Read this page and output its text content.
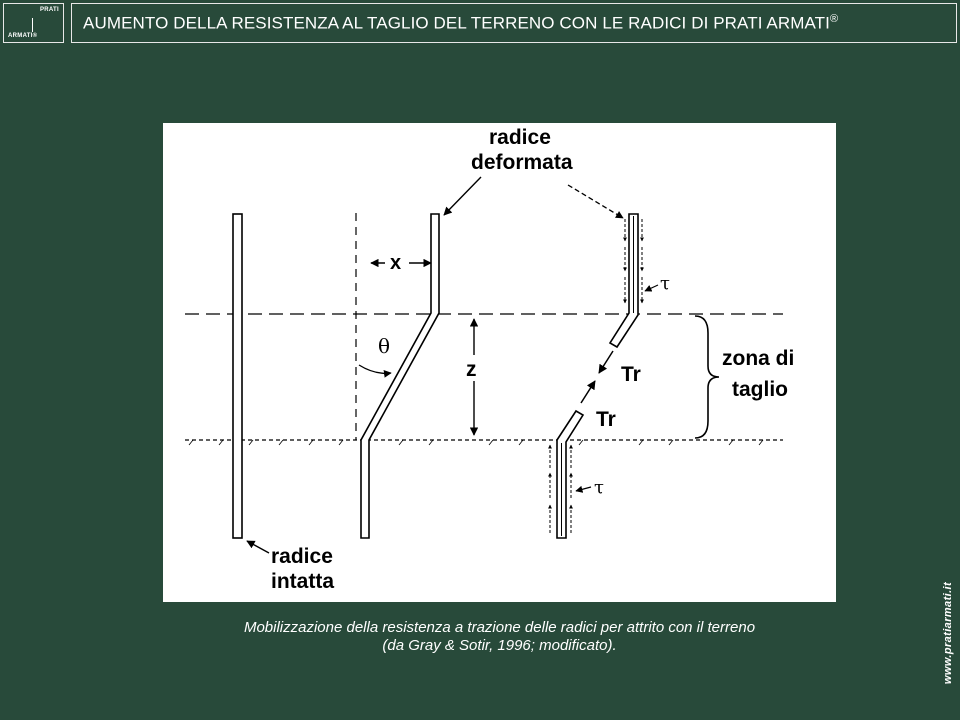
PRATI
ARMATI®
AUMENTO DELLA RESISTENZA AL TAGLIO DEL TERRENO CON LE RADICI DI PRATI ARMATI®
x
θ
z
radice
deformata
τ
Tr
Tr
τ
zona di
taglio
radice
intatta
Mobilizzazione della resistenza a trazione delle radici per attrito con il terreno
(da Gray & Sotir, 1996; modificato).	www.pratiarmati.it
